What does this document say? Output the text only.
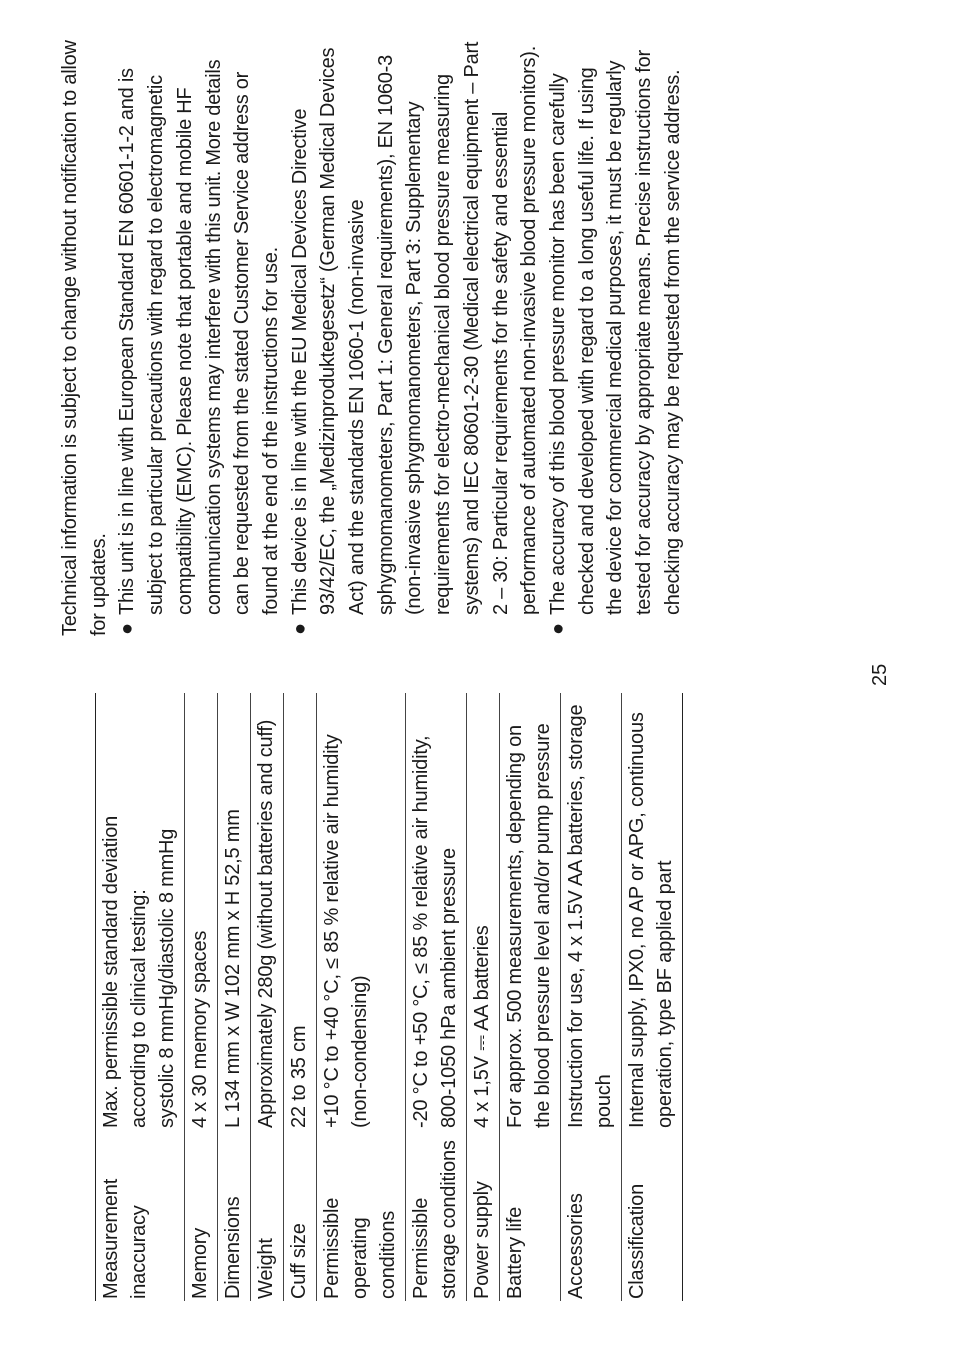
Measurement inaccuracy	Max. permissible standard deviation according to clinical testing: systolic 8 mmHg/diastolic 8 mmHg

Memory	4 x 30 memory spaces
Dimensions	L 134 mm x W 102 mm x H 52,5 mm
Weight	Approximately 280g (without batteries and cuff)
Cuff size	22 to 35 cm
Permissible operating conditions	+10 °C to +40 °C, ≤ 85 % relative air humidity (non-condensing)
Permissible storage conditions	-20 °C to +50 °C, ≤ 85 % relative air humidity, 800-1050 hPa ambient pressure
Power supply	4 x 1,5V ⎓ AA batteries
Battery life	For approx. 500 measurements, depending on the blood pressure level and/or pump pressure
Accessories	Instruction for use, 4 x 1.5V AA batteries, storage pouch
Classification	Internal supply, IPX0, no AP or APG, continuous operation, type BF applied part

Technical information is subject to change without notification to allow for updates. ●
This unit is in line with European Standard EN 60601-1-2 and is subject to particular precautions with regard to electromagnetic compatibility (EMC). Please note that portable and mobile HF communication systems may interfere with this unit. More details can be requested from the stated Customer Service address or found at the end of the instructions for use.
●
This device is in line with the EU Medical Devices Directive 93/42/EC, the „Medizinproduktegesetz“ (German Medical Devices Act) and the standards EN 1060-1 (non-invasive sphygmomanometers, Part 1: General requirements), EN 1060-3 (non-invasive sphygmomanometers, Part 3: Supplementary requirements for electro-mechanical blood pressure measuring systems) and IEC 80601-2-30 (Medical electrical equipment – Part 2 – 30: Particular requirements for the safety and essential performance of automated non-invasive blood pressure monitors).
●
The accuracy of this blood pressure monitor has been carefully checked and developed with regard to a long useful life. If using the device for commercial medical purposes, it must be regularly tested for accuracy by appropriate means. Precise instructions for checking accuracy may be requested from the service address.
25
